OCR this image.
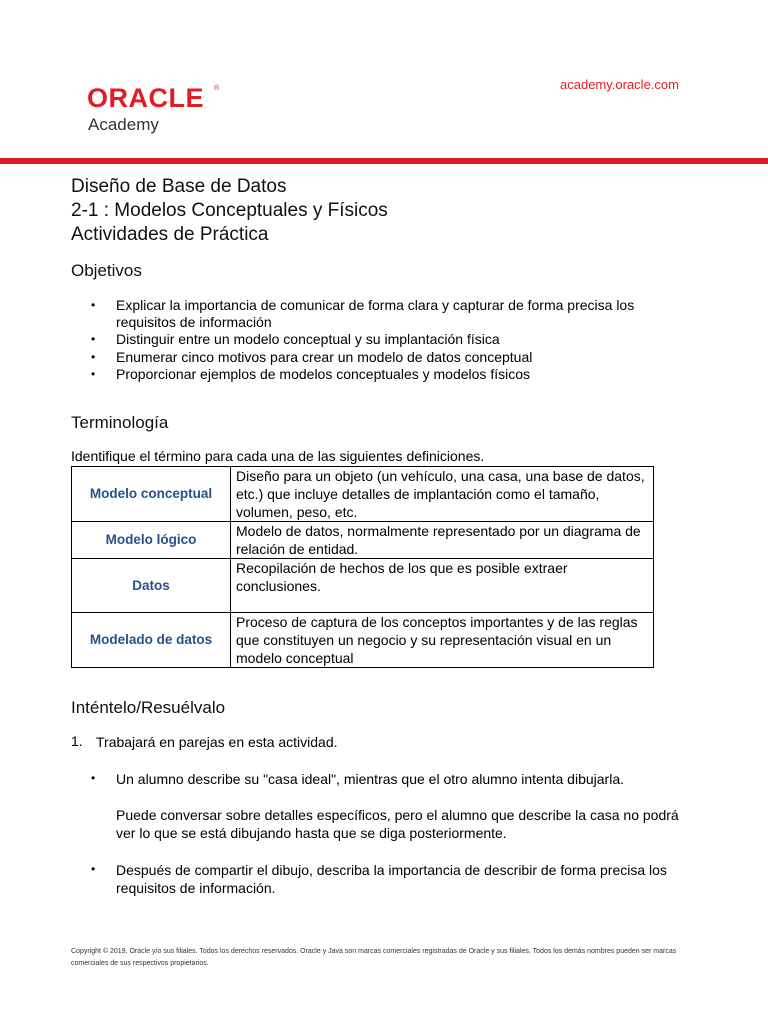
ORACLE ®
Academy
academy.oracle.com
Diseño de Base de Datos
2-1 : Modelos Conceptuales y Físicos
Actividades de Práctica
Objetivos
• Explicar la importancia de comunicar de forma clara y capturar de forma precisa los requisitos de información
• Distinguir entre un modelo conceptual y su implantación física
• Enumerar cinco motivos para crear un modelo de datos conceptual
• Proporcionar ejemplos de modelos conceptuales y modelos físicos
Terminología
Identifique el término para cada una de las siguientes definiciones.
Modelo conceptual	Diseño para un objeto (un vehículo, una casa, una base de datos, etc.) que incluye detalles de implantación como el tamaño, volumen, peso, etc.
Modelo lógico	Modelo de datos, normalmente representado por un diagrama de relación de entidad.
Datos	Recopilación de hechos de los que es posible extraer conclusiones.
Modelado de datos	Proceso de captura de los conceptos importantes y de las reglas que constituyen un negocio y su representación visual en un modelo conceptual
Inténtelo/Resuélvalo
1. Trabajará en parejas en esta actividad.
• Un alumno describe su "casa ideal", mientras que el otro alumno intenta dibujarla.
Puede conversar sobre detalles específicos, pero el alumno que describe la casa no podrá ver lo que se está dibujando hasta que se diga posteriormente.
• Después de compartir el dibujo, describa la importancia de describir de forma precisa los requisitos de información.
Copyright © 2019, Oracle y/o sus filiales. Todos los derechos reservados. Oracle y Java son marcas comerciales registradas de Oracle y sus filiales. Todos los demás nombres pueden ser marcas comerciales de sus respectivos propietarios.
